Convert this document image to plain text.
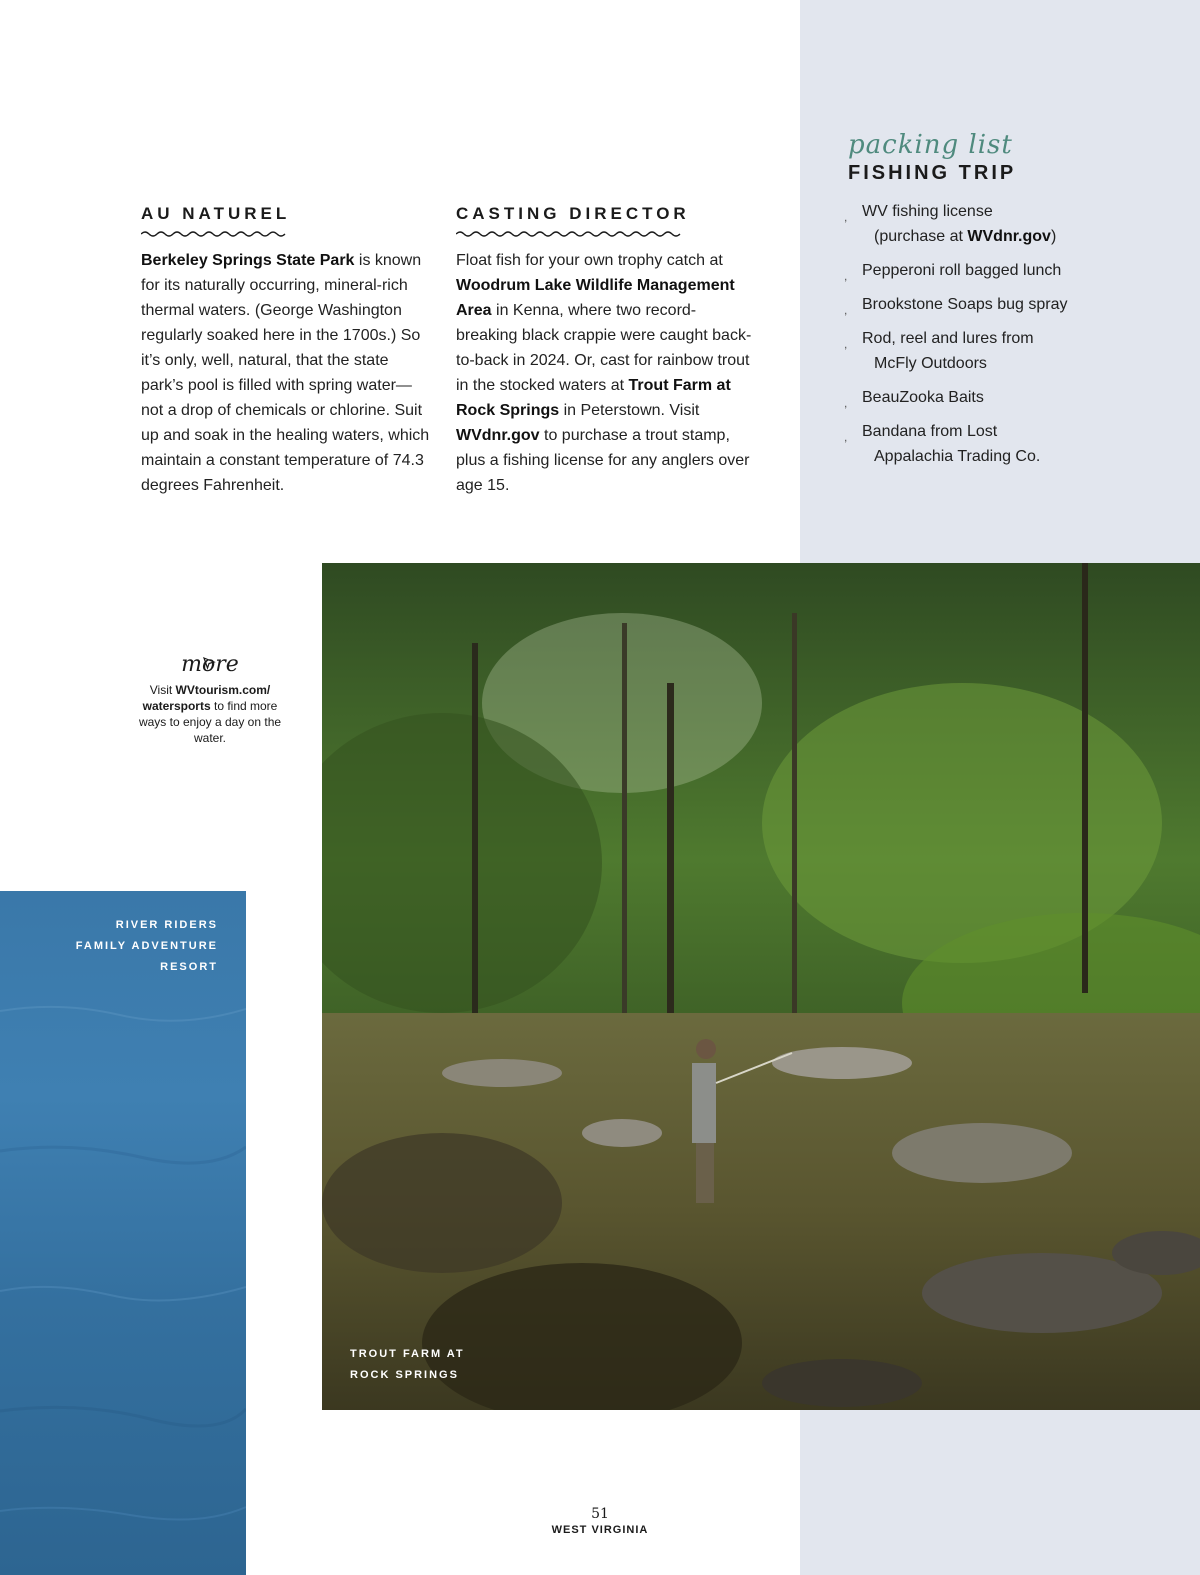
AU NATUREL

Berkeley Springs State Park is known for its naturally occurring, mineral-rich thermal waters. (George Washington regularly soaked here in the 1700s.) So it’s only, well, natural, that the state park’s pool is filled with spring water—not a drop of chemicals or chlorine. Suit up and soak in the healing waters, which maintain a constant temperature of 74.3 degrees Fahrenheit.

CASTING DIRECTOR

Float fish for your own trophy catch at Woodrum Lake Wildlife Management Area in Kenna, where two record-breaking black crappie were caught back-to-back in 2024. Or, cast for rainbow trout in the stocked waters at Trout Farm at Rock Springs in Peterstown. Visit WVdnr.gov to purchase a trout stamp, plus a fishing license for any anglers over age 15.

packing list

FISHING TRIP

, WV fishing license
(purchase at WVdnr.gov)
, Pepperoni roll bagged lunch
, Brookstone Soaps bug spray
, Rod, reel and lures from
McFly Outdoors
, BeauZooka Baits
, Bandana from Lost
Appalachia Trading Co.

more

Visit WVtourism.com/ watersports to find more ways to enjoy a day on the water.

RIVER RIDERS
FAMILY ADVENTURE
RESORT
TROUT FARM AT
ROCK SPRINGS

51

WEST VIRGINIA
